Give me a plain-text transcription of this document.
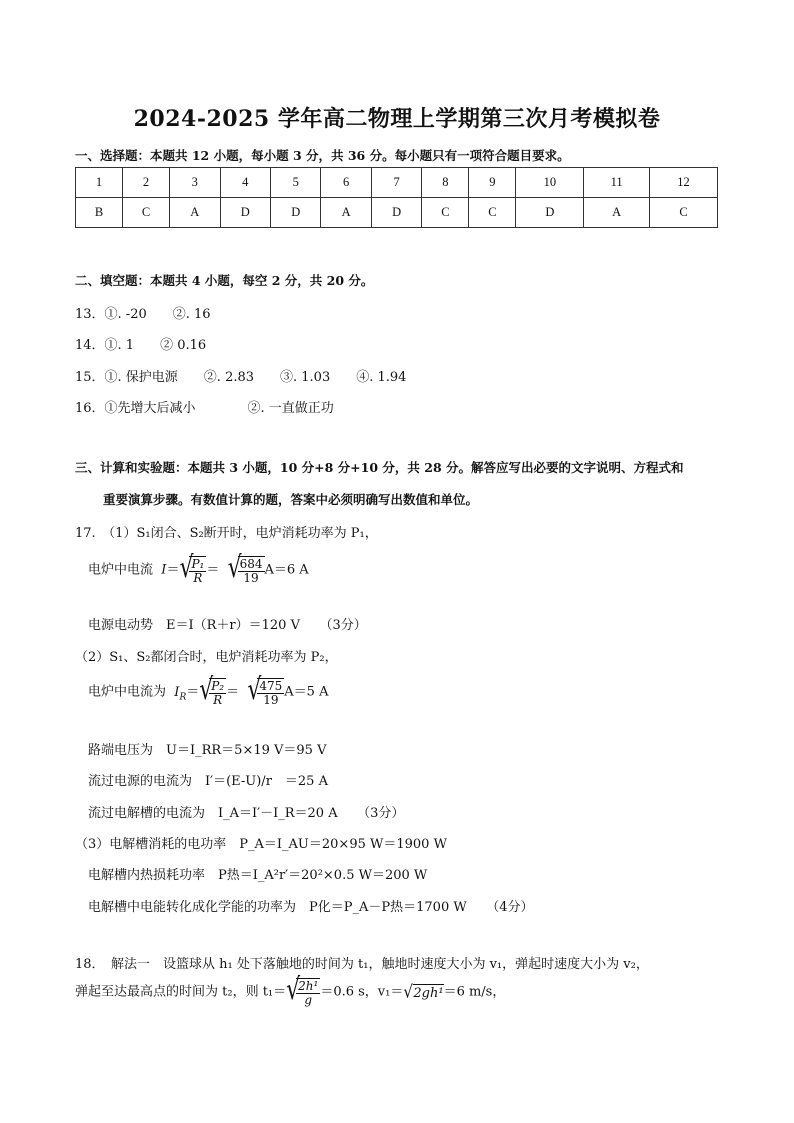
2024-2025 学年高二物理上学期第三次月考模拟卷
一、选择题：本题共 12 小题，每小题 3 分，共 36 分。每小题只有一项符合题目要求。
1	2	3	4	5	6	7	8	9	10	11	12
B	C	A	D	D	A	D	C	C	D	A	C
二、填空题：本题共 4 小题，每空 2 分，共 20 分。
13．①. -20　　②. 16
14．①. 1　　② 0.16
15．①. 保护电源　　②. 2.83　　③. 1.03　　④. 1.94
16．①先增大后减小　　　　②. 一直做正功
三、计算和实验题：本题共 3 小题，10 分+8 分+10 分，共 28 分。解答应写出必要的文字说明、方程式和
重要演算步骤。有数值计算的题，答案中必须明确写出数值和单位。
17.　（1）S₁闭合、S₂断开时，电炉消耗功率为 P₁，
电炉中电流  I＝ √
$\frac{\text{P₁}}{R}$ ＝ √
$\frac{684}{19} A=6$ A
电源电动势　E＝I（R＋r）＝120 V　　（3分）
（2）S₁、S₂都闭合时，电炉消耗功率为 P₂，
电炉中电流为  $I_R=$ √
$\frac{\text{P₂}}{R}$ ＝ √
$\frac{475}{19} A=5$ A
路端电压为　U＝I_RR＝5×19 V＝95 V
流过电源的电流为　I′＝(E-U)/r　＝25 A
流过电解槽的电流为　I_A＝I′－I_R＝20 A　　（3分）
（3）电解槽消耗的电功率　P_A＝I_AU＝20×95 W＝1900 W
电解槽内热损耗功率　P热＝I_A²r′＝20²×0.5 W＝200 W
电解槽中电能转化成化学能的功率为　P化＝P_A－P热＝1700 W　　（4分）
18．　解法一　设篮球从 h₁ 处下落触地的时间为 t₁，触地时速度大小为 v₁，弹起时速度大小为 v₂，
弹起至达最高点的时间为 t₂，则 t₁＝ √
$\frac{\text{2h¹}}{g} =0.6$ s，v₁＝ √ 2gh¹＝6 m/s，
